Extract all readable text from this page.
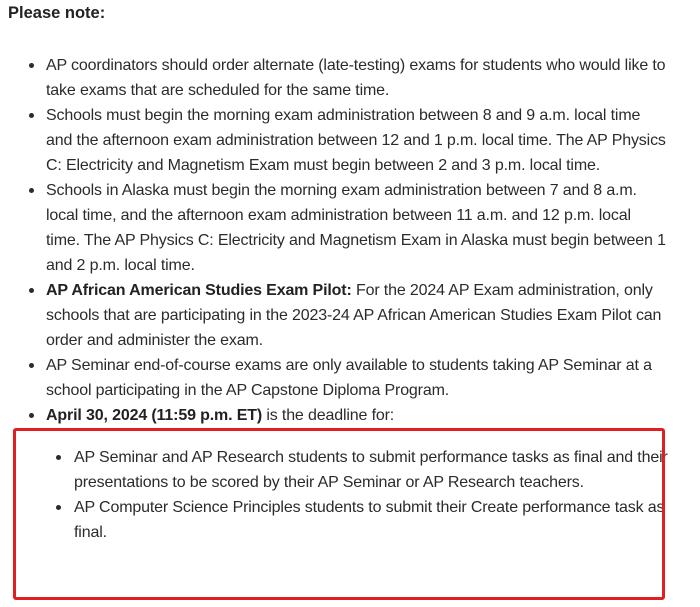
Please note:
AP coordinators should order alternate (late-testing) exams for students who would like to take exams that are scheduled for the same time.
Schools must begin the morning exam administration between 8 and 9 a.m. local time and the afternoon exam administration between 12 and 1 p.m. local time. The AP Physics C: Electricity and Magnetism Exam must begin between 2 and 3 p.m. local time.
Schools in Alaska must begin the morning exam administration between 7 and 8 a.m. local time, and the afternoon exam administration between 11 a.m. and 12 p.m. local time. The AP Physics C: Electricity and Magnetism Exam in Alaska must begin between 1 and 2 p.m. local time.
AP African American Studies Exam Pilot: For the 2024 AP Exam administration, only schools that are participating in the 2023-24 AP African American Studies Exam Pilot can order and administer the exam.
AP Seminar end-of-course exams are only available to students taking AP Seminar at a school participating in the AP Capstone Diploma Program.
April 30, 2024 (11:59 p.m. ET) is the deadline for:
AP Seminar and AP Research students to submit performance tasks as final and their presentations to be scored by their AP Seminar or AP Research teachers.
AP Computer Science Principles students to submit their Create performance task as final.
